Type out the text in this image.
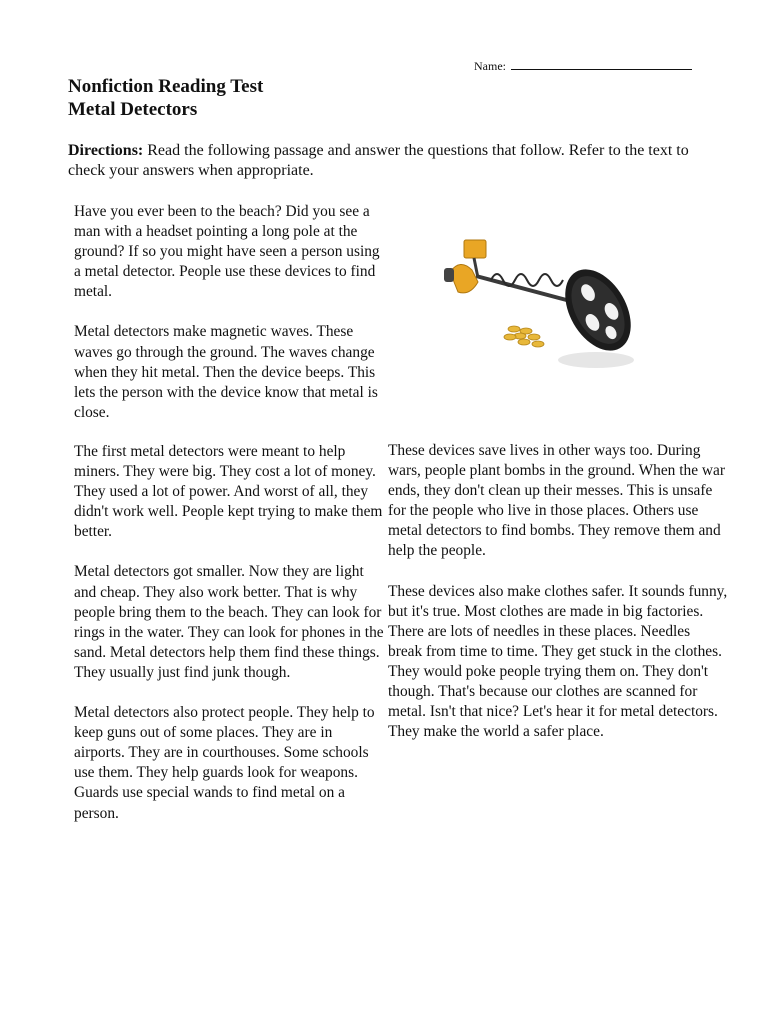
Name:
Nonfiction Reading Test
Metal Detectors
Directions: Read the following passage and answer the questions that follow. Refer to the text to check your answers when appropriate.

Have you ever been to the beach? Did you see a man with a headset pointing a long pole at the ground? If so you might have seen a person using a metal detector. People use these devices to find metal.

Metal detectors make magnetic waves. These waves go through the ground. The waves change when they hit metal. Then the device beeps. This lets the person with the device know that metal is close.

The first metal detectors were meant to help miners. They were big. They cost a lot of money. They used a lot of power. And worst of all, they didn't work well. People kept trying to make them better.

Metal detectors got smaller. Now they are light and cheap. They also work better. That is why people bring them to the beach. They can look for rings in the water. They can look for phones in the sand. Metal detectors help them find these things. They usually just find junk though.

Metal detectors also protect people. They help to keep guns out of some places. They are in airports. They are in courthouses. Some schools use them. They help guards look for weapons. Guards use special wands to find metal on a person.

These devices save lives in other ways too. During wars, people plant bombs in the ground. When the war ends, they don't clean up their messes. This is unsafe for the people who live in those places. Others use metal detectors to find bombs. They remove them and help the people.

These devices also make clothes safer. It sounds funny, but it's true. Most clothes are made in big factories. There are lots of needles in these places. Needles break from time to time. They get stuck in the clothes. They would poke people trying them on. They don't though. That's because our clothes are scanned for metal. Isn't that nice? Let's hear it for metal detectors. They make the world a safer place.
